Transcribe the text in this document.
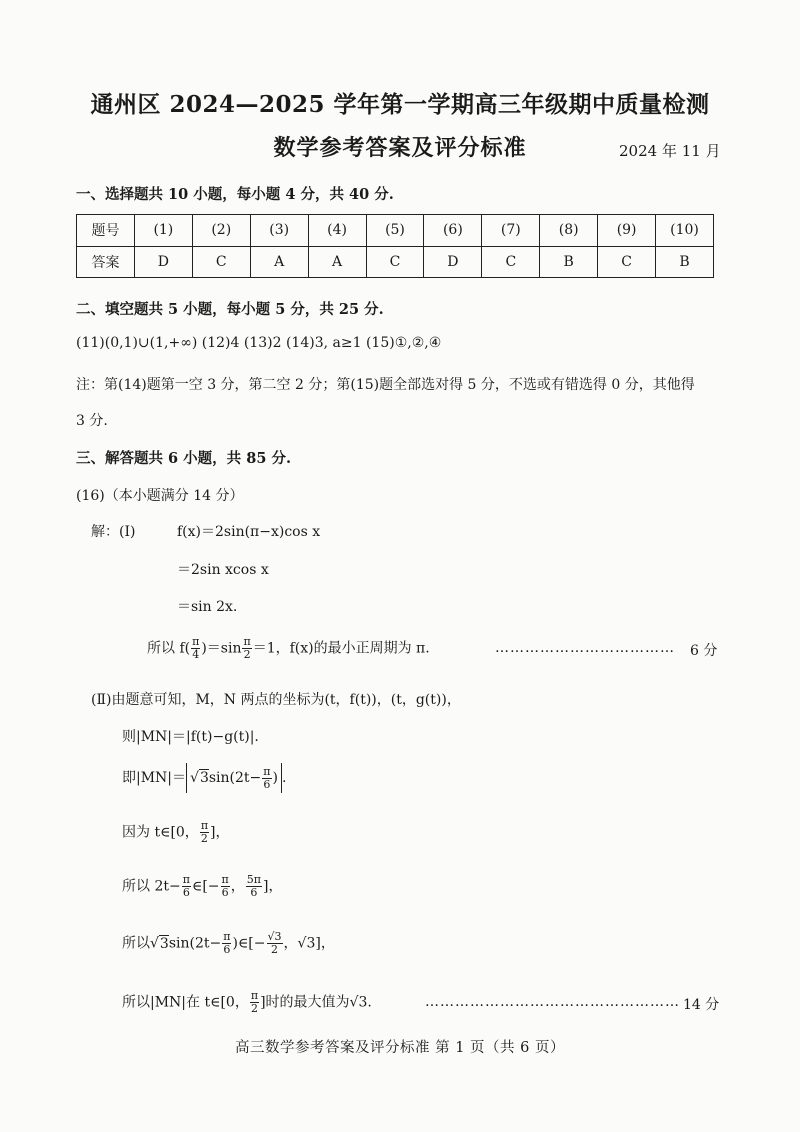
通州区 2024—2025 学年第一学期高三年级期中质量检测
数学参考答案及评分标准	2024 年 11 月
一、选择题共 10 小题，每小题 4 分，共 40 分.
题号	(1)	(2)	(3)	(4)	(5)	(6)	(7)	(8)	(9)	(10)
答案	D	C	A	A	C	D	C	B	C	B
二、填空题共 5 小题，每小题 5 分，共 25 分.
(11)(0,1)∪(1,+∞) (12)4 (13)2 (14)3, a≥1 (15)①,②,④
注：第(14)题第一空 3 分，第二空 2 分；第(15)题全部选对得 5 分，不选或有错选得 0 分，其他得
3 分.
三、解答题共 6 小题，共 85 分.
(16)（本小题满分 14 分）
解：(Ⅰ)	f(x)＝2sin(π−x)cos x
＝2sin xcos x
＝sin 2x.
所以 $f( \frac{\pi}{4} )=\sin \frac{\pi}{2} =1$，f(x)的最小正周期为 π.	……………………………… 6 分
(Ⅱ)由题意可知，M，N 两点的坐标为(t，f(t))，(t，g(t))，
则|MN|＝|f(t)−g(t)|.
即$|MN|= √3\sin(2t- \frac{\pi}{6}$ ) .
因为 t∈[0， $\frac{\pi}{2}$ ]，
所以 $2t- \frac{\pi}{6}$ ∈[− $\frac{\pi}{6}$ ， $\frac{5\pi}{6}$ ]，
所以$√3\sin(2t- \frac{\pi}{6}$ )∈[− $\frac{√3}{2}$ ，√3]，
所以|MN|在 t∈[0， $\frac{\pi}{2}$ ]时的最大值为√3.	…………………………………………… 14 分
高三数学参考答案及评分标准 第 1 页（共 6 页）
